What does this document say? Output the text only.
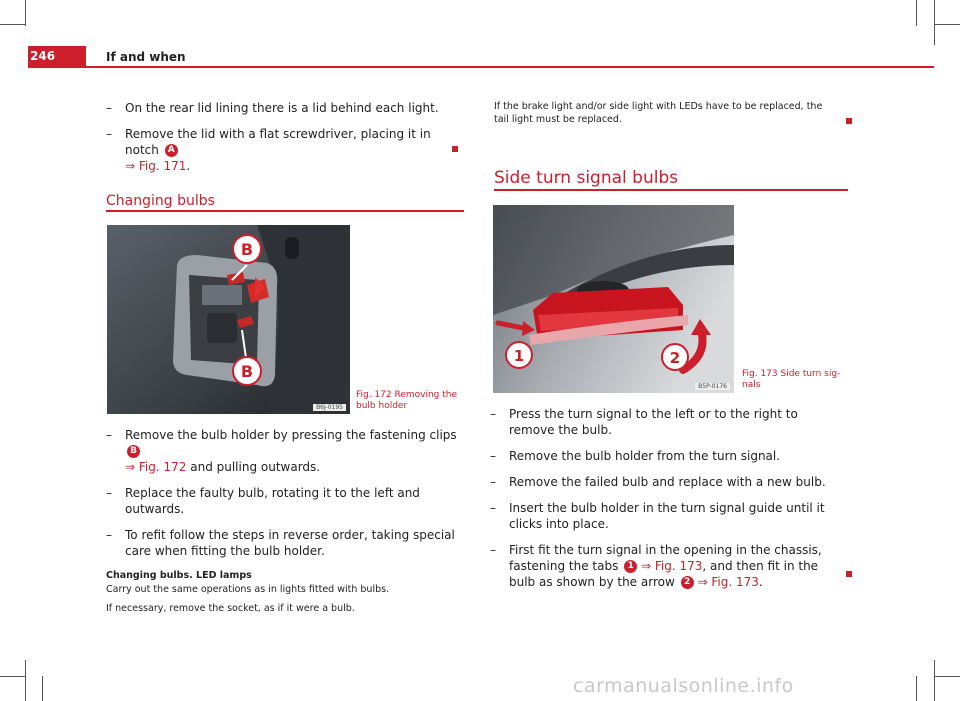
246	If and when
– On the rear lid lining there is a lid behind each light.
– Remove the lid with a flat screwdriver, placing it in notch A
⇒ Fig. 171.
Changing bulbs
B
B
B6J-0195
Fig. 172 Removing the
bulb holder
– Remove the bulb holder by pressing the fastening clips B
⇒ Fig. 172 and pulling outwards.
– Replace the faulty bulb, rotating it to the left and outwards.
– To refit follow the steps in reverse order, taking special care when fitting the bulb holder.
Changing bulbs. LED lamps
Carry out the same operations as in lights fitted with bulbs.
If necessary, remove the socket, as if it were a bulb.
If the brake light and/or side light with LEDs have to be replaced, the tail light must be replaced.
Side turn signal bulbs
1	2
B5P-0176
Fig. 173 Side turn sig-
nals
– Press the turn signal to the left or to the right to remove the bulb.
– Remove the bulb holder from the turn signal.
– Remove the failed bulb and replace with a new bulb.
– Insert the bulb holder in the turn signal guide until it clicks into place.
– First fit the turn signal in the opening in the chassis, fastening the tabs 1 ⇒ Fig. 173, and then fit in the bulb as shown by the arrow 2 ⇒ Fig. 173.
carmanualsonline.info
